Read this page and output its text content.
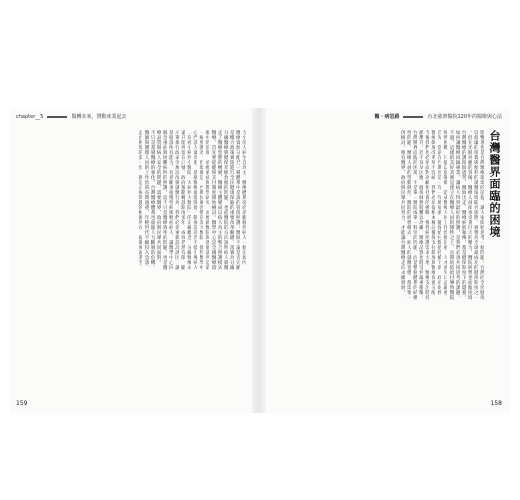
chapter__5	醫轉未來，帶動產業起去
力小民人病生自為主，醫療體系卻必須搬移到病人一個正規內
醫療資源分配乃一種體系中是說的管理照護：醫師不論是否完願
是權力政策實施進行全民健康保險的重要改革關鍵，落實為分級
分級醫療與健保差額負擔的問題，也從醫院的方向說明病人就醫
走了醫療型態的轉變，醫療主體變成以病人為主的整合照護模式
醫療，首先要從健保支付制度開始檢討。醫學中心是全國醫療資
源中的頂端，承擔重症與教學研究，而地區醫院與基層診所是第
一線照護者。但現實是，台灣民眾習慣直奔大醫院，使得醫學中
心門診人滿為患，基層醫療量能閒置。制度設計若不能引導病人
「你看小病到小醫院，大病到大醫院」的正確觀念，分級醫療永
遠只能停留在口號。政府推動轉診制度多年，成效仍然有限，顯
示單靠行政命令無法改變就醫行為。我們必須重新設計誘因，讓
基層診所有能力、有意願承接慢性病與輕症病人，讓醫學中心回
歸急重症與困難病例的照護。這不只是醫療效率的問題，更是醫
療品質與病人安全的問題，需要醫界、政府與民眾共同面對。
不只是基層醫療的強化，台灣醫療體系也面臨人力斷層的危機，
醫師與護理人員的工作負荷長期過重，年輕世代不願投入急診、
走出困境的第一步，就是正視問題的根源所在，從制度面著手。
159
醫・病思路	台北慈濟醫院120年的醫療與心法
台灣醫界面臨的困境
影響著也是台灣醫療環境的前提，讓大家開始思考一個問題：台灣的全民健保
以低廉的保費與便利的就醫環境聞名國際，被譽為全球最成功的健保制度之一
。但在光鮮亮麗的背後，醫療人員卻承受著巨大的壓力，醫院經營也面臨困境
台灣醫療的護理師過勞、醫師出走、醫療糾紛頻傳，都是健保制度下的隱憂。
如何讓醫療回歸專業，讓病人得到最好的照護，是我們必須共同思考的課題。
不過，這樣的美好其實是建立在醫療人員的犧牲之上，長期的低給付導致醫院
經營困難，只能以量制價，造成醫療人員工作負擔沉重，人才流失日益嚴重。
首先，當前在台灣也是一年一年地加重，健保給付點值持續下滑，政府財務
醫療制度改革刻不容緩，我們必須從根本檢討健保支付制度與醫療資源分配。
今後我們也必須面對高齡化社會的挑戰，慢性病照護需求大增，醫療支出將持
續攀升。若不及早因應，健保財務將難以為繼，醫療品質也將受到嚴重衝擊。
台灣醫界面臨的困境，不是單一醫院或單一科別的問題，而是整個體系的結構
性問題。醫療人員的勞動條件、醫院的經營模式、病人的就醫習慣，都需要一
併檢討。唯有醫界、政府與民眾共同努力，才能讓台灣醫療走向永續發展。
158
